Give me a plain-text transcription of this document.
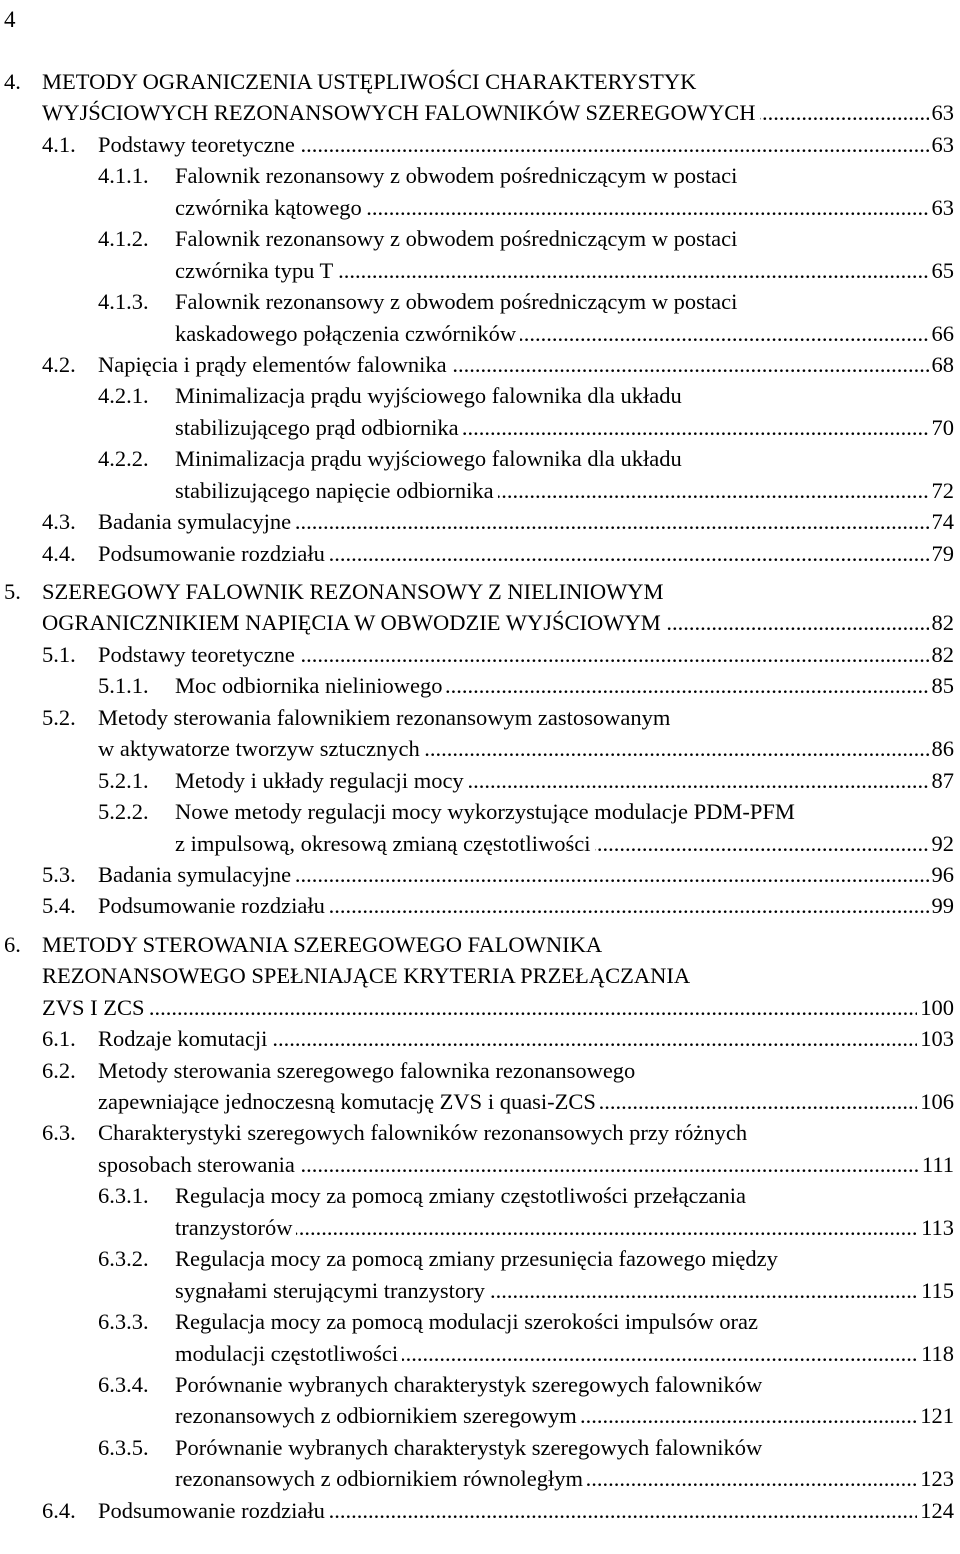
4
4. METODY OGRANICZENIA USTĘPLIWOŚCI CHARAKTERYSTYK
.....
WYJŚCIOWYCH REZONANSOWYCH FALOWNIKÓW SZEREGOWYCH	63
4.1. ..... Podstawy teoretyczne	63
4.1.1. Falownik rezonansowy z obwodem pośredniczącym w postaci
.....
czwórnika kątowego	63
4.1.2. Falownik rezonansowy z obwodem pośredniczącym w postaci
.....
czwórnika typu T	65
4.1.3. Falownik rezonansowy z obwodem pośredniczącym w postaci
.....
kaskadowego połączenia czwórników	66
4.2. ..... Napięcia i prądy elementów falownika	68
4.2.1. Minimalizacja prądu wyjściowego falownika dla układu
.....
stabilizującego prąd odbiornika	70
4.2.2. Minimalizacja prądu wyjściowego falownika dla układu
.....
stabilizującego napięcie odbiornika	72
4.3. ..... Badania symulacyjne	74
4.4. ..... Podsumowanie rozdziału	79
5. SZEREGOWY FALOWNIK REZONANSOWY Z NIELINIOWYM
.....
OGRANICZNIKIEM NAPIĘCIA W OBWODZIE WYJŚCIOWYM	82
5.1. ..... Podstawy teoretyczne	82
5.1.1. ..... Moc odbiornika nieliniowego	85
5.2. Metody sterowania falownikiem rezonansowym zastosowanym
.....
w aktywatorze tworzyw sztucznych	86
5.2.1. ..... Metody i układy regulacji mocy	87
5.2.2. Nowe metody regulacji mocy wykorzystujące modulacje PDM-PFM
.....
z impulsową, okresową zmianą częstotliwości	92
5.3. ..... Badania symulacyjne	96
5.4. ..... Podsumowanie rozdziału	99
6. METODY STEROWANIA SZEREGOWEGO FALOWNIKA
REZONANSOWEGO SPEŁNIAJĄCE KRYTERIA PRZEŁĄCZANIA
.....
ZVS I ZCS	100
6.1. ..... Rodzaje komutacji	103
6.2. Metody sterowania szeregowego falownika rezonansowego
.....
zapewniające jednoczesną komutację ZVS i quasi-ZCS	106
6.3. Charakterystyki szeregowych falowników rezonansowych przy różnych
.....
sposobach sterowania	111
6.3.1. Regulacja mocy za pomocą zmiany częstotliwości przełączania
.....
tranzystorów	113
6.3.2. Regulacja mocy za pomocą zmiany przesunięcia fazowego między
.....
sygnałami sterującymi tranzystory	115
6.3.3. Regulacja mocy za pomocą modulacji szerokości impulsów oraz
.....
modulacji częstotliwości	118
6.3.4. Porównanie wybranych charakterystyk szeregowych falowników
.....
rezonansowych z odbiornikiem szeregowym	121
6.3.5. Porównanie wybranych charakterystyk szeregowych falowników
.....
rezonansowych z odbiornikiem równoległym	123
6.4. ..... Podsumowanie rozdziału	124
